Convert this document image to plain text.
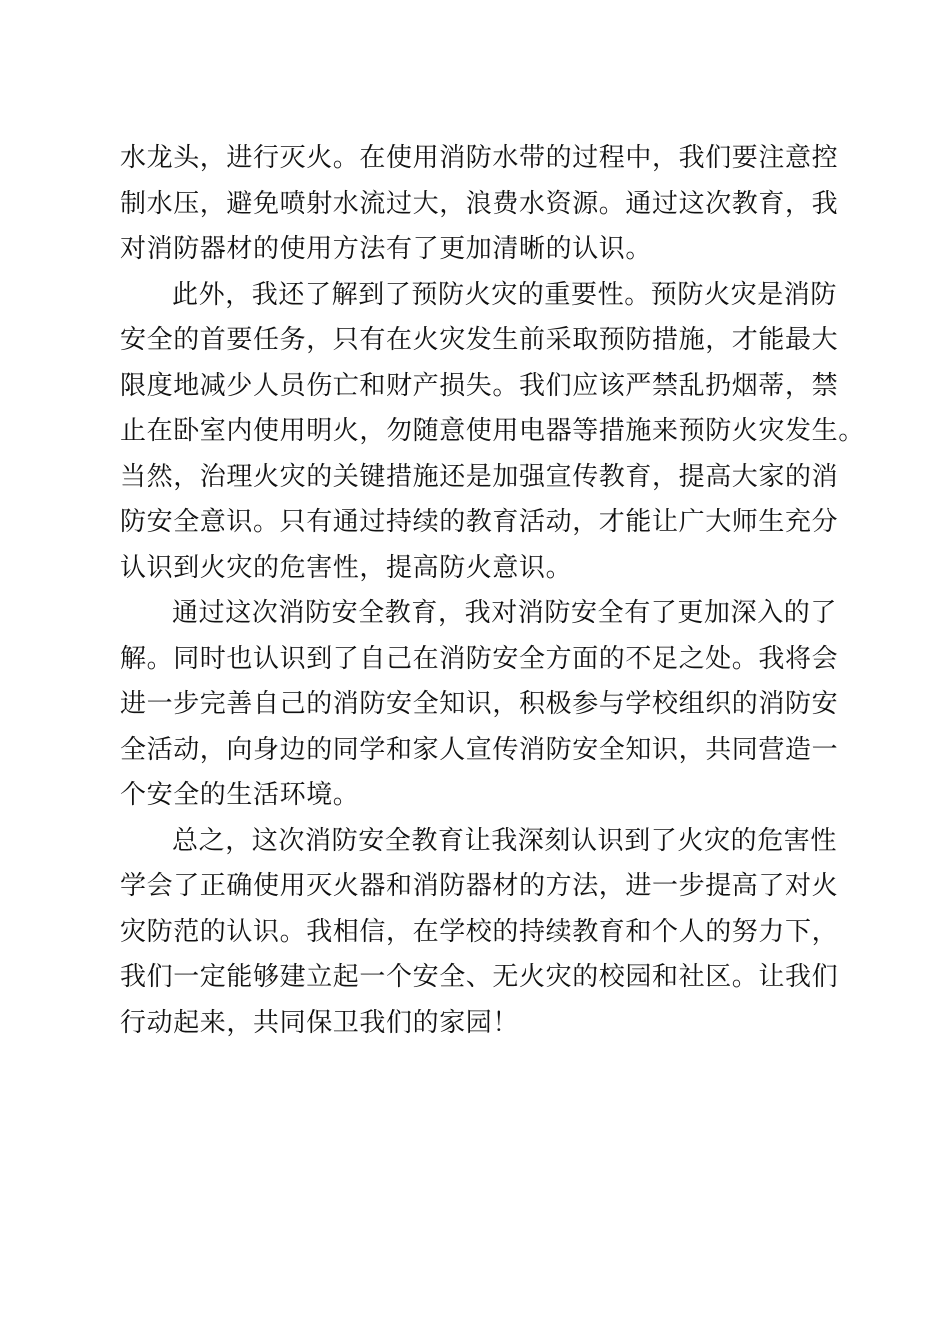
水龙头，进行灭火。在使用消防水带的过程中，我们要注意控
制水压，避免喷射水流过大，浪费水资源。通过这次教育，我
对消防器材的使用方法有了更加清晰的认识。
此外，我还了解到了预防火灾的重要性。预防火灾是消防
安全的首要任务，只有在火灾发生前采取预防措施，才能最大
限度地减少人员伤亡和财产损失。我们应该严禁乱扔烟蒂，禁
止在卧室内使用明火，勿随意使用电器等措施来预防火灾发生。
当然，治理火灾的关键措施还是加强宣传教育，提高大家的消
防安全意识。只有通过持续的教育活动，才能让广大师生充分
认识到火灾的危害性，提高防火意识。
通过这次消防安全教育，我对消防安全有了更加深入的了
解。同时也认识到了自己在消防安全方面的不足之处。我将会
进一步完善自己的消防安全知识，积极参与学校组织的消防安
全活动，向身边的同学和家人宣传消防安全知识，共同营造一
个安全的生活环境。
总之，这次消防安全教育让我深刻认识到了火灾的危害性
学会了正确使用灭火器和消防器材的方法，进一步提高了对火
灾防范的认识。我相信，在学校的持续教育和个人的努力下，
我们一定能够建立起一个安全、无火灾的校园和社区。让我们
行动起来，共同保卫我们的家园！
